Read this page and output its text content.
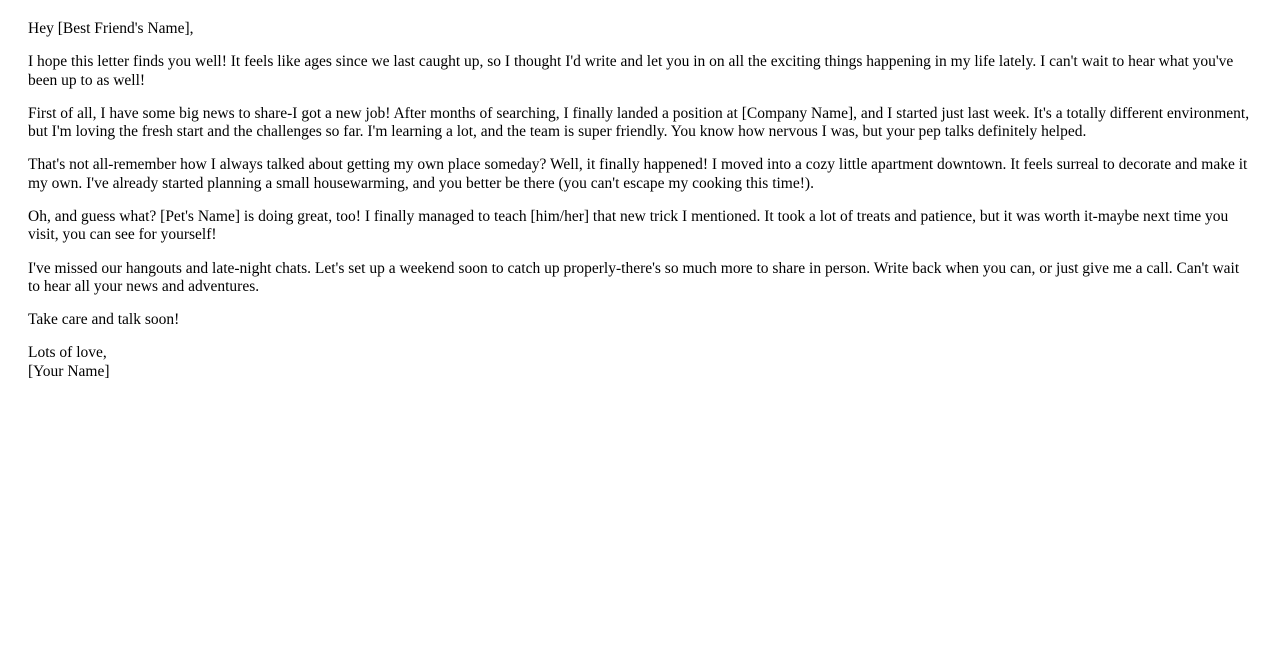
Hey [Best Friend's Name],

I hope this letter finds you well! It feels like ages since we last caught up, so I thought I'd write and let you in on all the exciting things happening in my life lately. I can't wait to hear what you've been up to as well!

First of all, I have some big news to share-I got a new job! After months of searching, I finally landed a position at [Company Name], and I started just last week. It's a totally different environment, but I'm loving the fresh start and the challenges so far. I'm learning a lot, and the team is super friendly. You know how nervous I was, but your pep talks definitely helped.

That's not all-remember how I always talked about getting my own place someday? Well, it finally happened! I moved into a cozy little apartment downtown. It feels surreal to decorate and make it my own. I've already started planning a small housewarming, and you better be there (you can't escape my cooking this time!).

Oh, and guess what? [Pet's Name] is doing great, too! I finally managed to teach [him/her] that new trick I mentioned. It took a lot of treats and patience, but it was worth it-maybe next time you visit, you can see for yourself!

I've missed our hangouts and late-night chats. Let's set up a weekend soon to catch up properly-there's so much more to share in person. Write back when you can, or just give me a call. Can't wait to hear all your news and adventures.

Take care and talk soon!

Lots of love,
[Your Name]
